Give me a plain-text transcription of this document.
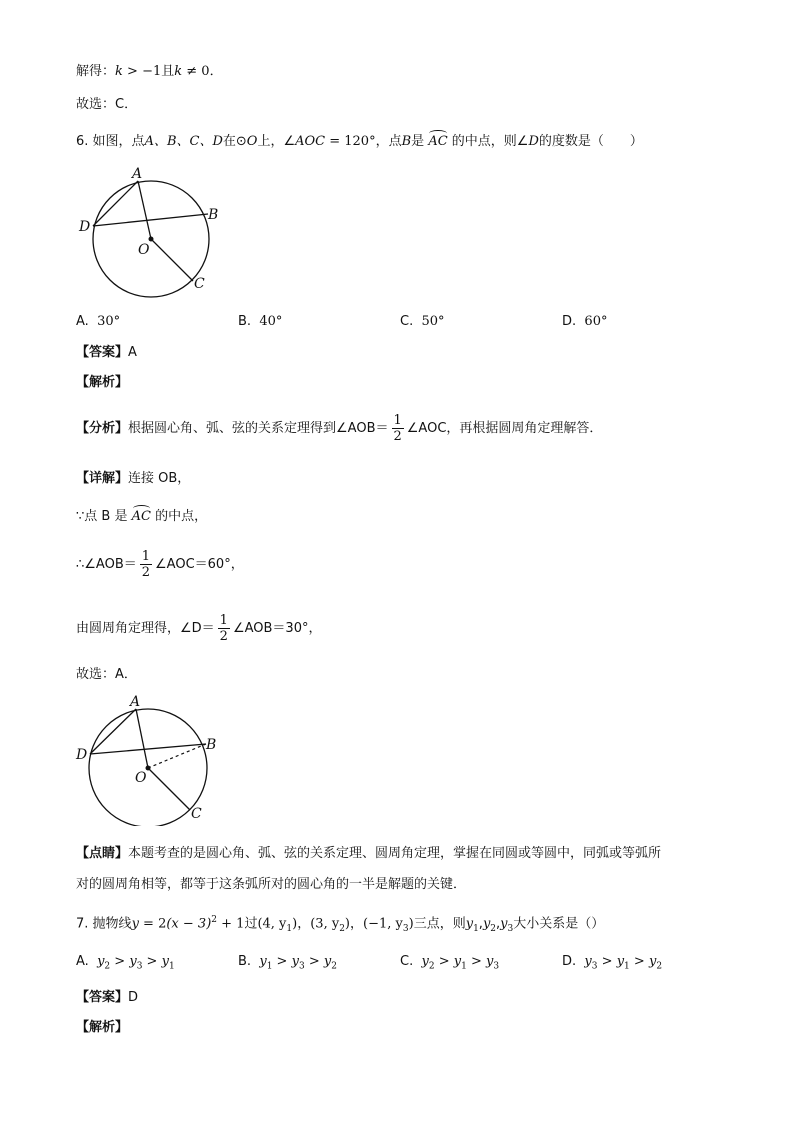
解得：k > −1且k ≠ 0．
故选：C．
6. 如图，点A、B、C、D在⊙O上，∠AOC = 120°，点B是 AC 的中点，则∠D的度数是（　　）
A
B
C
D
O
A. 30°	B. 40°	C. 50°	D. 60°
【答案】A
【解析】
【分析】根据圆心角、弧、弦的关系定理得到∠AOB＝ $\frac{1}{2}$ ∠AOC，再根据圆周角定理解答．
【详解】连接 OB，
∵点 B 是 AC 的中点，
∴∠AOB＝ $\frac{1}{2}$ ∠AOC＝60°，
由圆周角定理得，∠D＝ $\frac{1}{2}$ ∠AOB＝30°，
故选：A．
A
B
C
D
O
【点睛】本题考查的是圆心角、弧、弦的关系定理、圆周角定理，掌握在同圆或等圆中，同弧或等弧所
对的圆周角相等，都等于这条弧所对的圆心角的一半是解题的关键．
7. 抛物线$y = 2(x - 3)^2 + 1$过(4, $y_1$)，(3, $y_2$)，(−1, $y_3$)三点，则$y_1,y_2,y_3$大小关系是（）
A. $y_2 > y_3 > y_1$	B. $y_1 > y_3 > y_2$	C. $y_2 > y_1 > y_3$	D. $y_3 > y_1 > y_2$
【答案】D
【解析】
